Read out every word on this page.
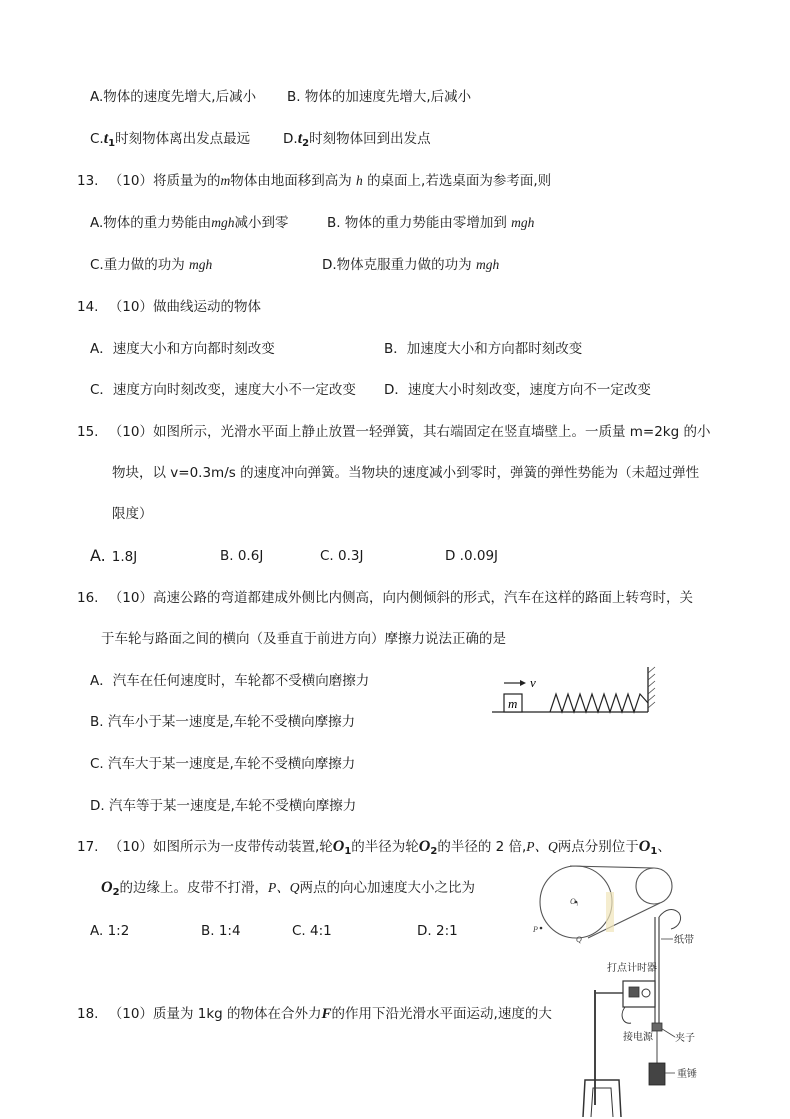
A.物体的速度先增大,后减小 B. 物体的加速度先增大,后减小
$C.t_1$时刻物体离出发点最远 $D.t_2$时刻物体回到出发点
13. （10）将质量为的m物体由地面移到高为 h 的桌面上,若选桌面为参考面,则
A.物体的重力势能由mgh减小到零	B. 物体的重力势能由零增加到 mgh
C.重力做的功为 mgh	D.物体克服重力做的功为 mgh
14. （10）做曲线运动的物体
A．速度大小和方向都时刻改变	B．加速度大小和方向都时刻改变
C．速度方向时刻改变，速度大小不一定改变 D．速度大小时刻改变，速度方向不一定改变
15. （10）如图所示，光滑水平面上静止放置一轻弹簧，其右端固定在竖直墙壁上。一质量 m=2kg 的小
物块，以 v=0.3m/s 的速度冲向弹簧。当物块的速度减小到零时，弹簧的弹性势能为（未超过弹性
限度）
A. 1.8J	B. 0.6J	C. 0.3J	D .0.09J
16. （10）高速公路的弯道都建成外侧比内侧高，向内侧倾斜的形式，汽车在这样的路面上转弯时，关
于车轮与路面之间的横向（及垂直于前进方向）摩擦力说法正确的是
A．汽车在任何速度时，车轮都不受横向磨擦力
B. 汽车小于某一速度是,车轮不受横向摩擦力
C. 汽车大于某一速度是,车轮不受横向摩擦力
D. 汽车等于某一速度是,车轮不受横向摩擦力
m
v
17. （10）如图所示为一皮带传动装置,轮$O_1$的半径为轮$O_2$的半径的 2 倍,P、Q两点分别位于$O_1$、
$O_2$的边缘上。皮带不打滑，P、Q两点的向心加速度大小之比为
A. 1:2	B. 1:4	C. 4:1	D. 2:1
O₁
P
Q
18. （10）质量为 1kg 的物体在合外力F的作用下沿光滑水平面运动,速度的大
纸带
打点计时器
接电源 夹子
重锤
